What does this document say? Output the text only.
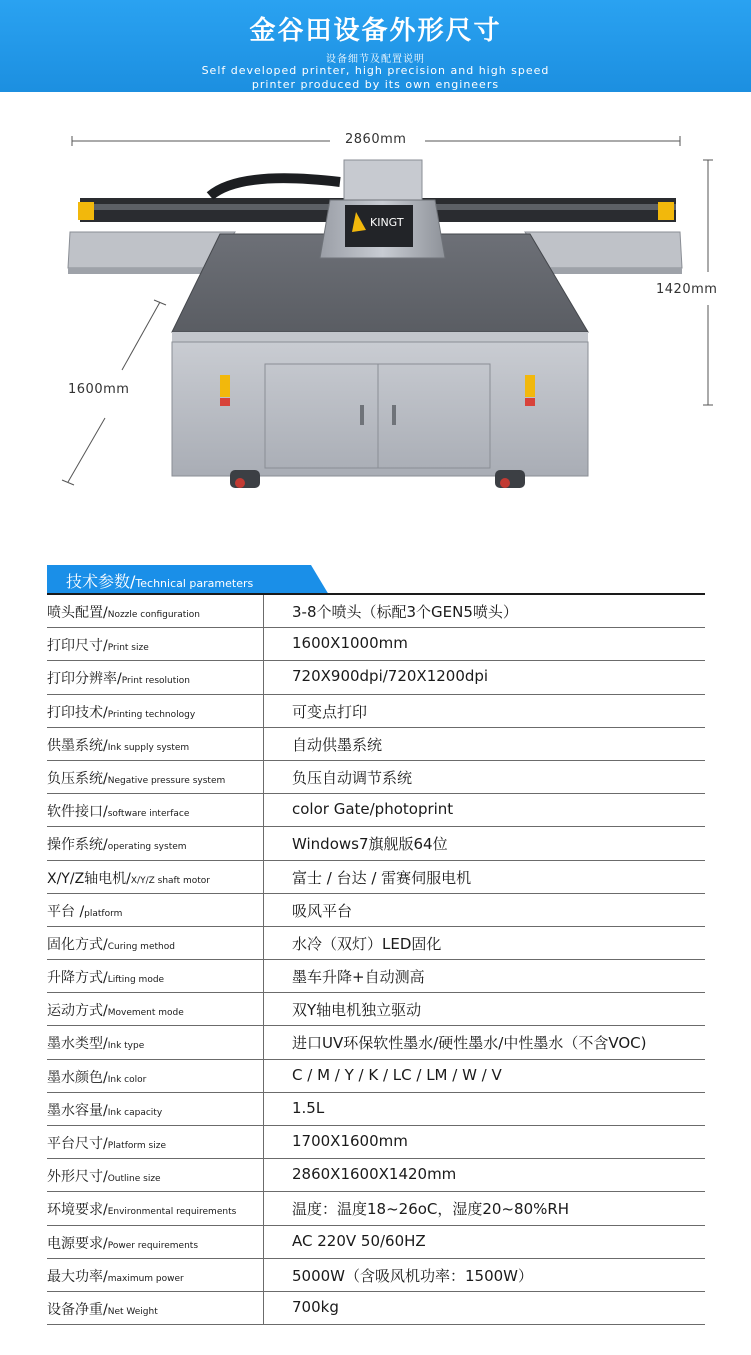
金谷田设备外形尺寸
设备细节及配置说明
Self developed printer, high precision and high speed
printer produced by its own engineers
2860mm
1420mm
1600mm
KINGT
技术参数/Technical parameters
喷头配置/Nozzle configuration	3-8个喷头（标配3个GEN5喷头）
打印尺寸/Print size	1600X1000mm
打印分辨率/Print resolution	720X900dpi/720X1200dpi
打印技术/Printing technology	可变点打印
供墨系统/Ink supply system	自动供墨系统
负压系统/Negative pressure system	负压自动调节系统
软件接口/software interface	color Gate/photoprint
操作系统/operating system	Windows7旗舰版64位
X/Y/Z轴电机/X/Y/Z shaft motor	富士 / 台达 / 雷赛伺服电机
平台 /platform	吸风平台
固化方式/Curing method	水冷（双灯）LED固化
升降方式/Lifting mode	墨车升降+自动测高
运动方式/Movement mode	双Y轴电机独立驱动
墨水类型/Ink type	进口UV环保软性墨水/硬性墨水/中性墨水（不含VOC)
墨水颜色/Ink color	C / M / Y / K / LC / LM / W / V
墨水容量/Ink capacity	1.5L
平台尺寸/Platform size	1700X1600mm
外形尺寸/Outline size	2860X1600X1420mm
环境要求/Environmental requirements	温度：温度18~26oC，湿度20~80%RH
电源要求/Power requirements	AC 220V 50/60HZ
最大功率/maximum power	5000W（含吸风机功率：1500W）
设备净重/Net Weight	700kg
